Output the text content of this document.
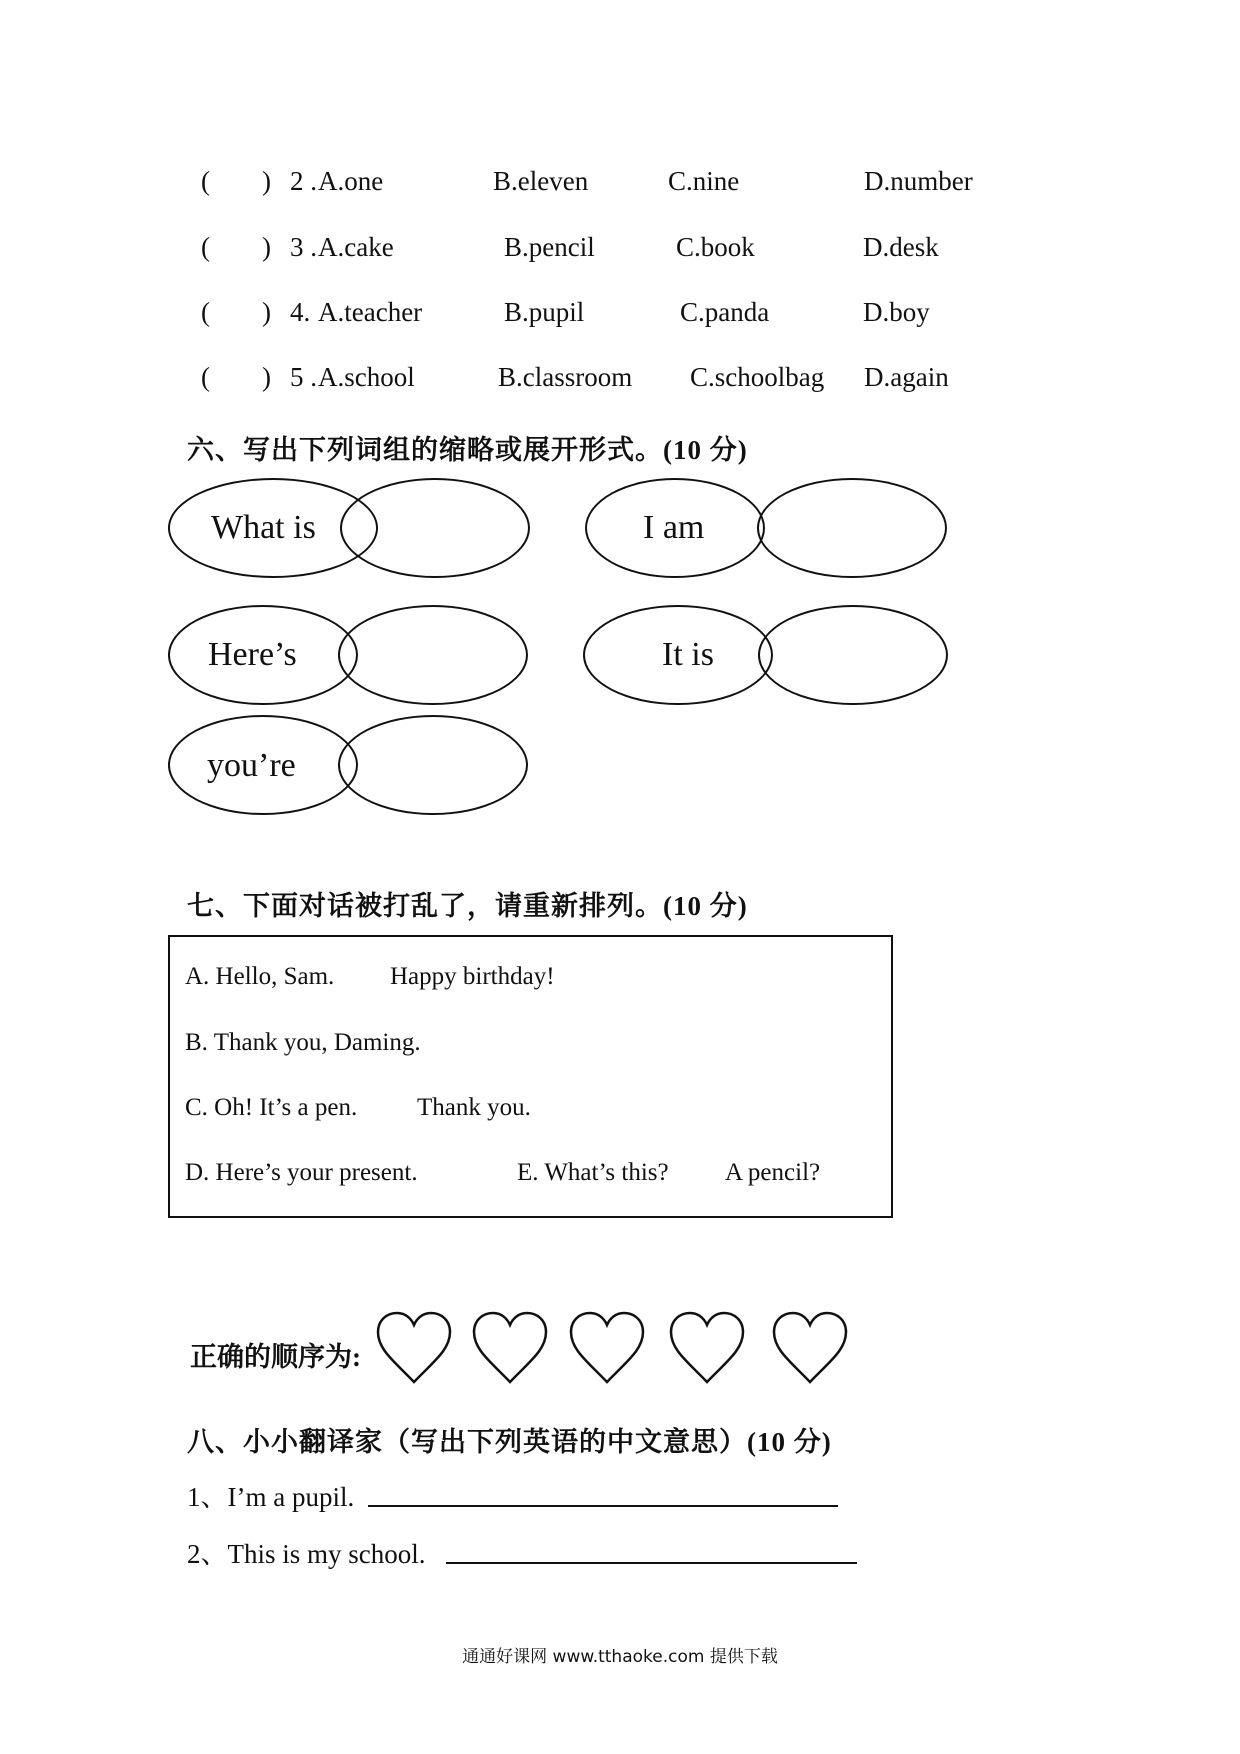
( ) 2 . A.one	B.eleven	C.nine	D.number
( ) 3 . A.cake	B.pencil	C.book	D.desk
( ) 4. A.teacher	B.pupil	C.panda	D.boy
( ) 5 . A.school	B.classroom C.schoolbag D.again
六、写出下列词组的缩略或展开形式。(10 分)
What is	I am
Here’s	It is
you’re
七、下面对话被打乱了，请重新排列。(10 分)
A. Hello, Sam. Happy birthday!
B. Thank you, Daming.
C. Oh! It’s a pen. Thank you.
D. Here’s your present.	E. What’s this? A pencil?
正确的顺序为:
八、小小翻译家（写出下列英语的中文意思）(10 分)
1、I’m a pupil.
2、This is my school.
通通好课网 www.tthaoke.com 提供下载
